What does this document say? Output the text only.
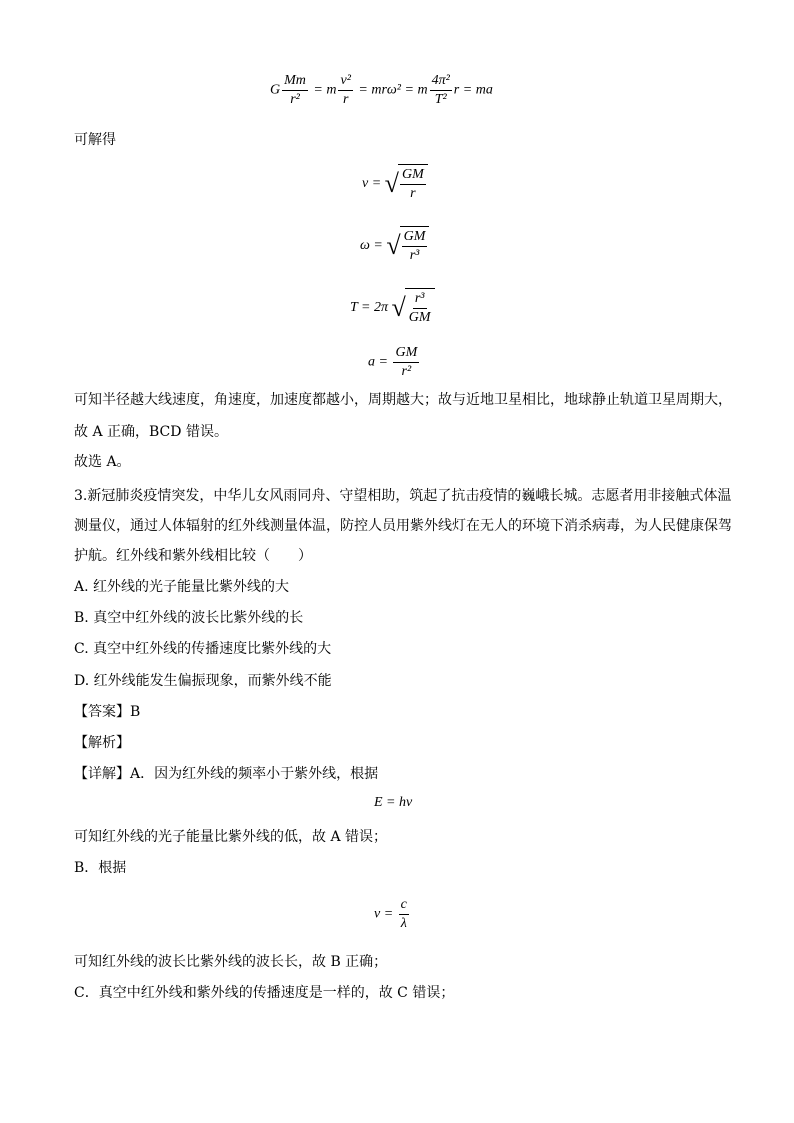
G $\frac{Mm}{\text{r²}} = m \frac{\text{v²}}{r} = mr\omega^2 = m \frac{\text{4π²}}{\text{T²}}$ r = ma
可解得
v = √ $\frac{GM}{r}$
ω = √ $\frac{GM}{\text{r³}}$
T = 2π √ $\frac{\text{r³}}{GM}$
$a = \frac{GM}{\text{r²}}$
可知半径越大线速度，角速度，加速度都越小，周期越大；故与近地卫星相比，地球静止轨道卫星周期大，
故 A 正确，BCD 错误。
故选 A。
3.新冠肺炎疫情突发，中华儿女风雨同舟、守望相助，筑起了抗击疫情的巍峨长城。志愿者用非接触式体温测量仪，通过人体辐射的红外线测量体温，防控人员用紫外线灯在无人的环境下消杀病毒，为人民健康保驾护航。红外线和紫外线相比较（　　）
A. 红外线的光子能量比紫外线的大
B. 真空中红外线的波长比紫外线的长
C. 真空中红外线的传播速度比紫外线的大
D. 红外线能发生偏振现象，而紫外线不能
【答案】B
【解析】
【详解】A．因为红外线的频率小于紫外线，根据
E = hν
可知红外线的光子能量比紫外线的低，故 A 错误；
B．根据
$\nu = \frac{c}{\lambda}$
可知红外线的波长比紫外线的波长长，故 B 正确；
C．真空中红外线和紫外线的传播速度是一样的，故 C 错误；
